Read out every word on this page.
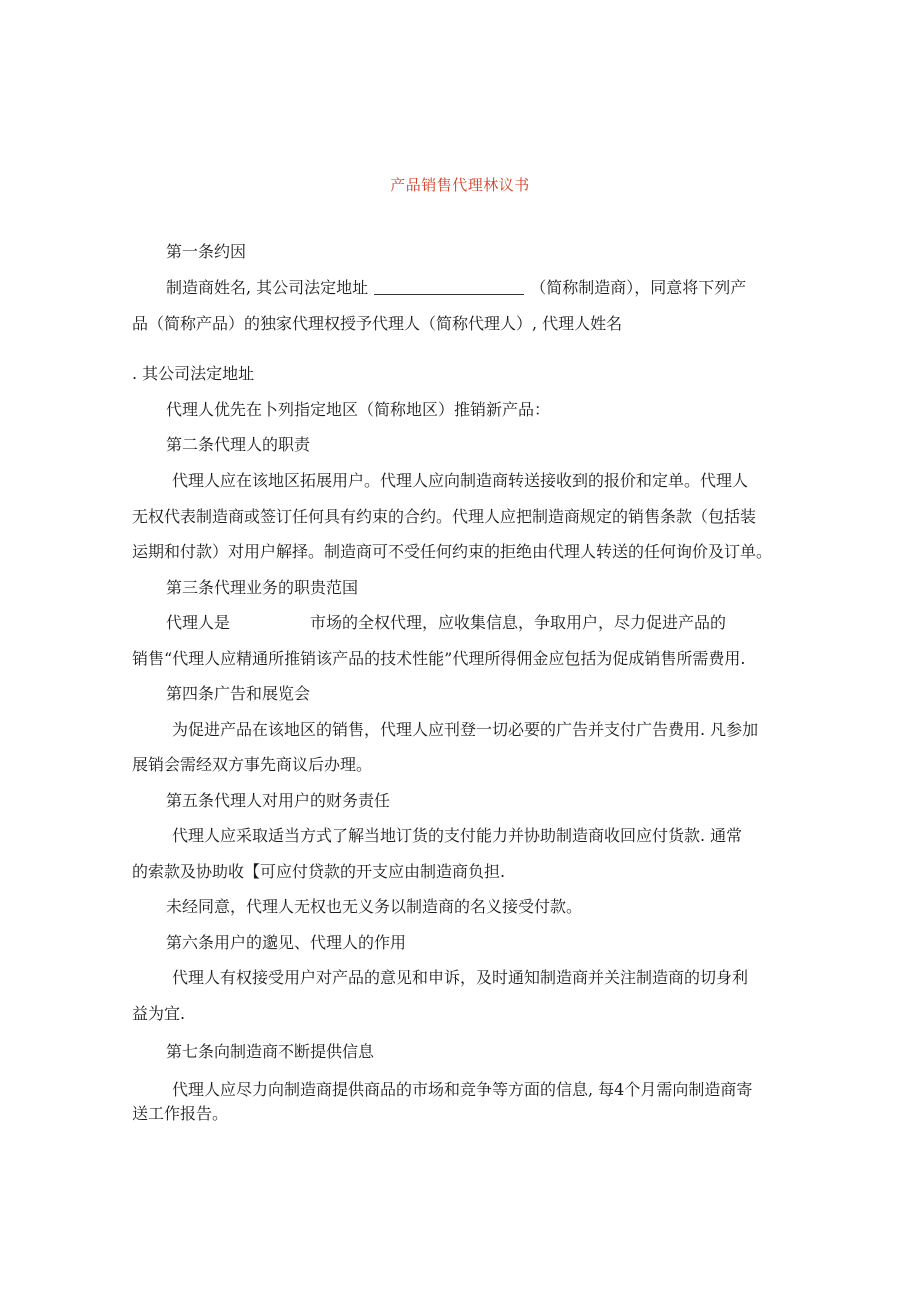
产品销售代理林议书
第一条约因
制造商姓名, 其公司法定地址	（简称制造商），同意将下列产
品（简称产品）的独家代理权授予代理人（简称代理人）, 代理人姓名
. 其公司法定地址
代理人优先在卜列指定地区（简称地区）推销新产品：
第二条代理人的职责
代理人应在该地区拓展用户。代理人应向制造商转送接收到的报价和定单。代理人
无权代表制造商或签订任何具有约束的合约。代理人应把制造商规定的销售条款（包括装
运期和付款）对用户解择。制造商可不受任何约束的拒绝由代理人转送的任何询价及订单。
第三条代理业务的职贵范国
代理人是	市场的全权代理，应收集信息，争取用户，尽力促进产品的
销售“代理人应精通所推销该产品的技术性能”代理所得佣金应包括为促成销售所需费用.
第四条广告和展览会
为促进产品在该地区的销售，代理人应刊登一切必要的广告并支付广告费用. 凡参加
展销会需经双方事先商议后办理。
第五条代理人对用户的财务责任
代理人应采取适当方式了解当地订货的支付能力并协助制造商收回应付货款. 通常
的索款及协助收【可应付贷款的开支应由制造商负担.
未经同意，代理人无权也无义务以制造商的名义接受付款。
第六条用户的邈见、代理人的作用
代理人有权接受用户对产品的意见和申诉，及时通知制造商并关注制造商的切身利
益为宜.
第七条向制造商不断提供信息
代理人应尽力向制造商提供商品的市场和竞争等方面的信息, 每4个月需向制造商寄
送工作报告。
